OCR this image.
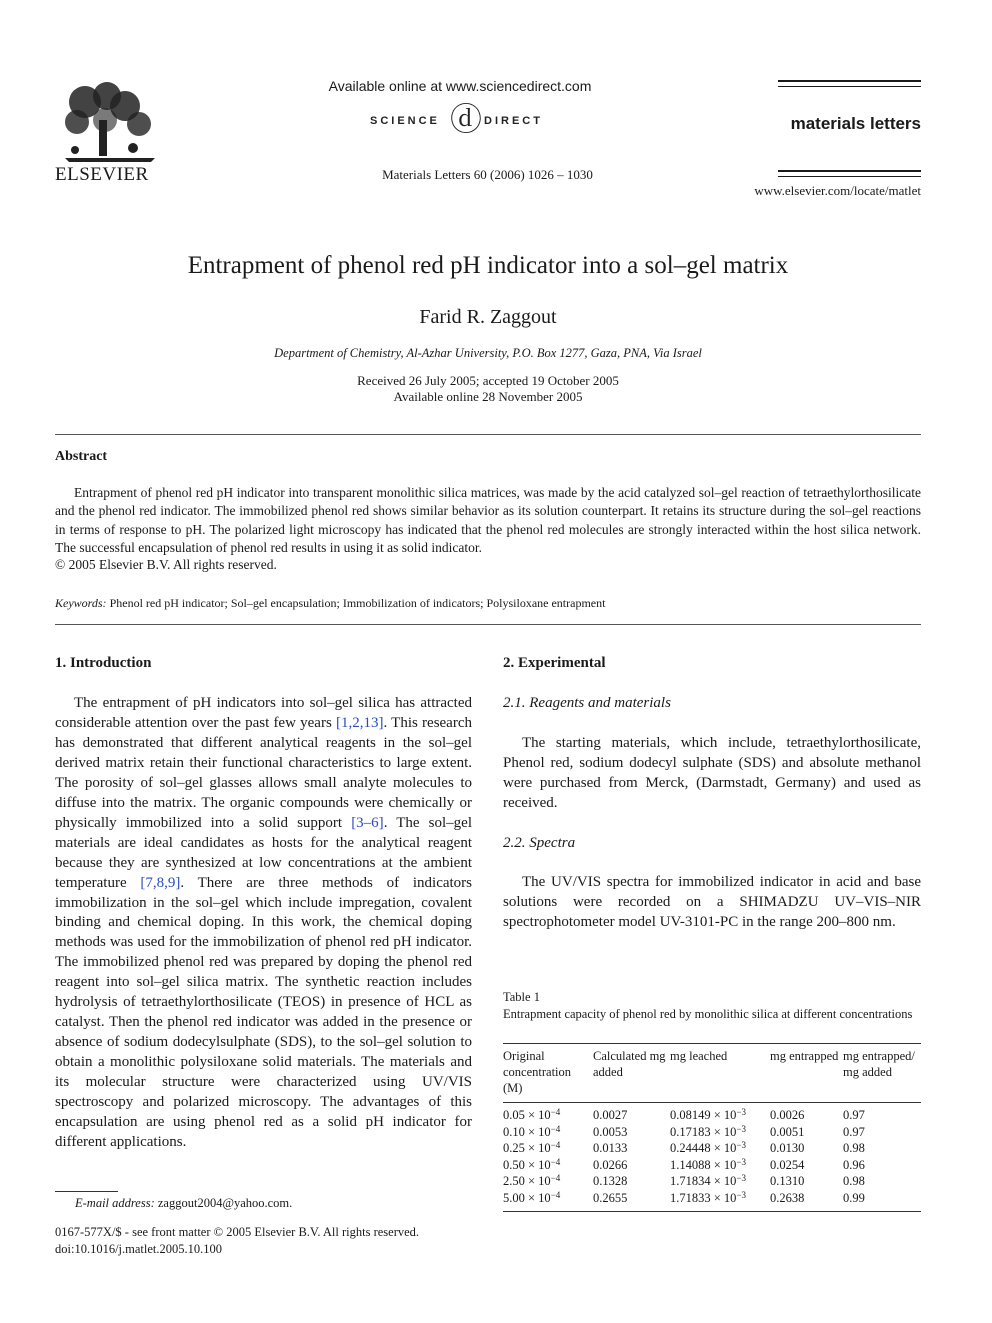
ELSEVIER
Available online at www.sciencedirect.com
SCIENCE ⓓ DIRECT
Materials Letters 60 (2006) 1026 – 1030
materials letters
www.elsevier.com/locate/matlet
Entrapment of phenol red pH indicator into a sol–gel matrix
Farid R. Zaggout
Department of Chemistry, Al-Azhar University, P.O. Box 1277, Gaza, PNA, Via Israel
Received 26 July 2005; accepted 19 October 2005
Available online 28 November 2005
Abstract
Entrapment of phenol red pH indicator into transparent monolithic silica matrices, was made by the acid catalyzed sol–gel reaction of tetraethylorthosilicate and the phenol red indicator. The immobilized phenol red shows similar behavior as its solution counterpart. It retains its structure during the sol–gel reactions in terms of response to pH. The polarized light microscopy has indicated that the phenol red molecules are strongly interacted within the host silica network. The successful encapsulation of phenol red results in using it as solid indicator.
© 2005 Elsevier B.V. All rights reserved.
Keywords: Phenol red pH indicator; Sol–gel encapsulation; Immobilization of indicators; Polysiloxane entrapment
1. Introduction
The entrapment of pH indicators into sol–gel silica has attracted considerable attention over the past few years [1,2,13]. This research has demonstrated that different analytical reagents in the sol–gel derived matrix retain their functional characteristics to large extent. The porosity of sol–gel glasses allows small analyte molecules to diffuse into the matrix. The organic compounds were chemically or physically immobilized into a solid support [3–6]. The sol–gel materials are ideal candidates as hosts for the analytical reagent because they are synthesized at low concentrations at the ambient temperature [7,8,9]. There are three methods of indicators immobilization in the sol–gel which include impregation, covalent binding and chemical doping. In this work, the chemical doping methods was used for the immobilization of phenol red pH indicator. The immobilized phenol red was prepared by doping the phenol red reagent into sol–gel silica matrix. The synthetic reaction includes hydrolysis of tetraethylorthosilicate (TEOS) in presence of HCL as catalyst. Then the phenol red indicator was added in the presence or absence of sodium dodecylsulphate (SDS), to the sol–gel solution to obtain a monolithic polysiloxane solid materials. The materials and its molecular structure were characterized using UV/VIS spectroscopy and polarized microscopy. The advantages of this encapsulation are using phenol red as a solid pH indicator for different applications.
2. Experimental
2.1. Reagents and materials
The starting materials, which include, tetraethylorthosilicate, Phenol red, sodium dodecyl sulphate (SDS) and absolute methanol were purchased from Merck, (Darmstadt, Germany) and used as received.
2.2. Spectra
The UV/VIS spectra for immobilized indicator in acid and base solutions were recorded on a SHIMADZU UV–VIS–NIR spectrophotometer model UV-3101-PC in the range 200–800 nm.
Table 1
Entrapment capacity of phenol red by monolithic silica at different concentrations
Original concentration (M)	Calculated mg added	mg leached	mg entrapped	mg entrapped/ mg added
$0.05 \times 10^{-4}$	0.0027	$0.08149 \times 10^{-3}$	0.0026	0.97
$0.10 \times 10^{-4}$	0.0053	$0.17183 \times 10^{-3}$	0.0051	0.97
$0.25 \times 10^{-4}$	0.0133	$0.24448 \times 10^{-3}$	0.0130	0.98
$0.50 \times 10^{-4}$	0.0266	$1.14088 \times 10^{-3}$	0.0254	0.96
$2.50 \times 10^{-4}$	0.1328	$1.71834 \times 10^{-3}$	0.1310	0.98
$5.00 \times 10^{-4}$	0.2655	$1.71833 \times 10^{-3}$	0.2638	0.99
E-mail address: zaggout2004@yahoo.com.
0167-577X/$ - see front matter © 2005 Elsevier B.V. All rights reserved.
doi:10.1016/j.matlet.2005.10.100
